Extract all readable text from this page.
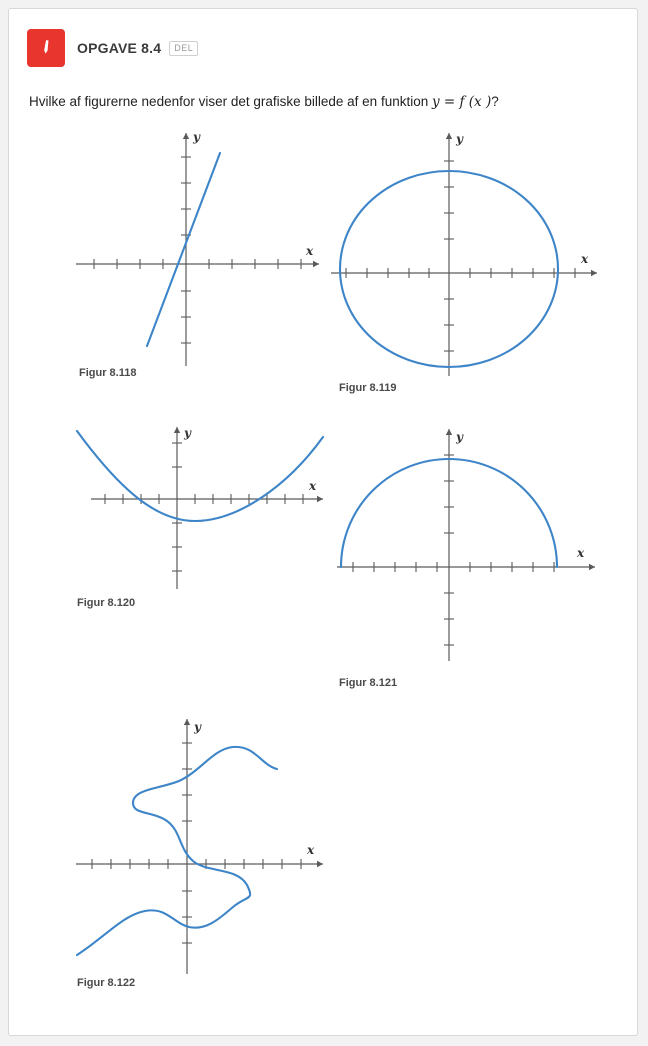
OPGAVE 8.4	DEL
Hvilke af figurerne nedenfor viser det grafiske billede af en funktion y = f (x )?
x
y
Figur 8.118
x
y
Figur 8.119
x
y
Figur 8.120
x
y
Figur 8.121
x
y
Figur 8.122
